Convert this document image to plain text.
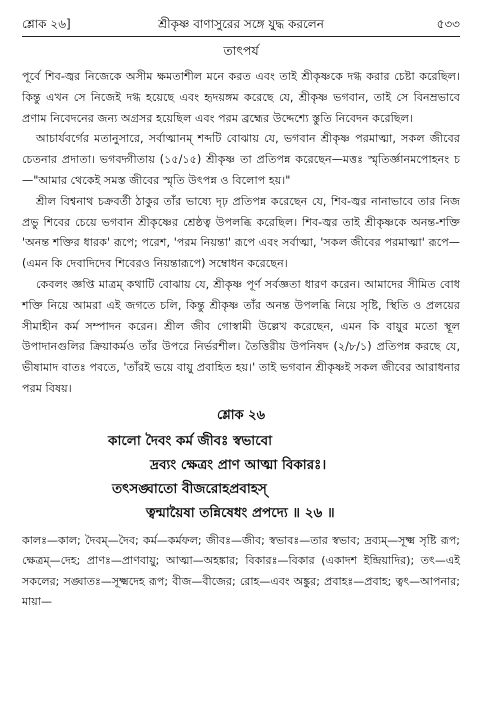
শ্লোক ২৬]	শ্রীকৃষ্ণ বাণাসুরের সঙ্গে যুদ্ধ করলেন	৫৩৩
তাৎপর্য

পূর্বে শিব-জ্বর নিজেকে অসীম ক্ষমতাশীল মনে করত এবং তাই শ্রীকৃষ্ণকে দগ্ধ করার চেষ্টা করেছিল। কিন্তু এখন সে নিজেই দগ্ধ হয়েছে এবং হৃদয়ঙ্গম করেছে যে, শ্রীকৃষ্ণ ভগবান, তাই সে বিনম্রভাবে প্রণাম নিবেদনের জন্য অগ্রসর হয়েছিল এবং পরম ব্রহ্মের উদ্দেশ্যে স্তুতি নিবেদন করেছিল।

আচার্যবর্গের মতানুসারে, সর্বাত্মানম্ শব্দটি বোঝায় যে, ভগবান শ্রীকৃষ্ণ পরমাত্মা, সকল জীবের চেতনার প্রদাতা। ভগবদ্গীতায় (১৫/১৫) শ্রীকৃষ্ণ তা প্রতিপন্ন করেছেন—মত্তঃ স্মৃতির্জ্ঞানমপোহনং চ—"আমার থেকেই সমস্ত জীবের স্মৃতি উৎপন্ন ও বিলোপ হয়।"

শ্রীল বিশ্বনাথ চক্রবর্তী ঠাকুর তাঁর ভাষ্যে দৃঢ় প্রতিপন্ন করেছেন যে, শিব-জ্বর নানাভাবে তার নিজ প্রভু শিবের চেয়ে ভগবান শ্রীকৃষ্ণের শ্রেষ্ঠত্ব উপলব্ধি করেছিল। শিব-জ্বর তাই শ্রীকৃষ্ণকে অনন্ত-শক্তি 'অনন্ত শক্তির ধারক' রূপে; পরেশ, 'পরম নিয়ন্তা' রূপে এবং সর্বাত্মা, 'সকল জীবের পরমাত্মা' রূপে—(এমন কি দেবাদিদেব শিবেরও নিয়ন্তারূপে) সম্বোধন করেছেন।

কেবলং জ্ঞপ্তি মাত্রম্ কথাটি বোঝায় যে, শ্রীকৃষ্ণ পূর্ণ সর্বজ্ঞতা ধারণ করেন। আমাদের সীমিত বোধ শক্তি নিয়ে আমরা এই জগতে চলি, কিন্তু শ্রীকৃষ্ণ তাঁর অনন্ত উপলব্ধি নিয়ে সৃষ্টি, স্থিতি ও প্রলয়ের সীমাহীন কর্ম সম্পাদন করেন। শ্রীল জীব গোস্বামী উল্লেখ করেছেন, এমন কি বায়ুর মতো স্থূল উপাদানগুলির ক্রিয়াকর্মও তাঁর উপরে নির্ভরশীল। তৈত্তিরীয় উপনিষদ (২/৮/১) প্রতিপন্ন করছে যে, ভীষামাদ বাতঃ পবতে, 'তাঁরই ভয়ে বায়ু প্রবাহিত হয়।' তাই ভগবান শ্রীকৃষ্ণই সকল জীবের আরাধনার পরম বিষয়।

শ্লোক ২৬
কালো দৈবং কর্ম জীবঃ স্বভাবো
দ্রব্যং ক্ষেত্রং প্রাণ আত্মা বিকারঃ।
তৎসঙ্ঘাতো বীজরোহপ্রবাহস্
ত্বন্মায়ৈষা তন্নিষেধং প্রপদ্যে ॥ ২৬ ॥

কালঃ—কাল; দৈবম্—দৈব; কর্ম—কর্মফল; জীবঃ—জীব; স্বভাবঃ—তার স্বভাব; দ্রব্যম্—সূক্ষ্ম সৃষ্টি রূপ; ক্ষেত্রম্—দেহ; প্রাণঃ—প্রাণবায়ু; আত্মা—অহঙ্কার; বিকারঃ—বিকার (একাদশ ইন্দ্রিয়াদির); তৎ—এই সকলের; সঙ্ঘাতঃ—সূক্ষ্মদেহ রূপ; বীজ—বীজের; রোহ—এবং অঙ্কুর; প্রবাহঃ—প্রবাহ; ত্বৎ—আপনার; মায়া—
